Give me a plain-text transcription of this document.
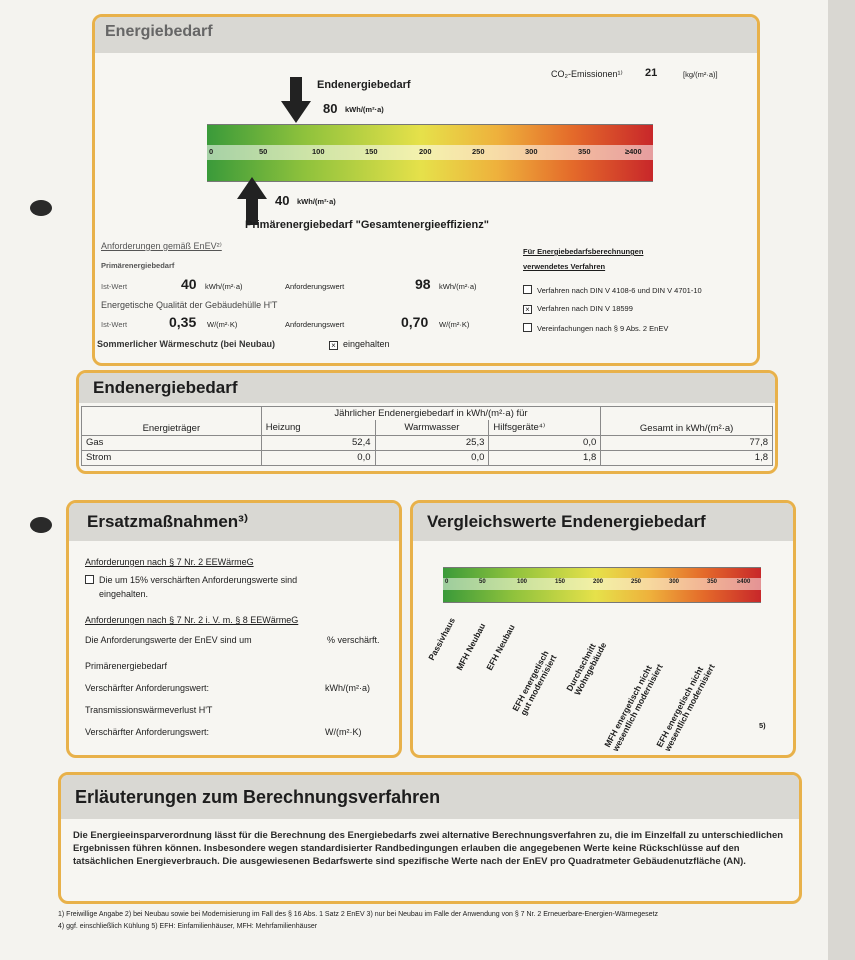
Energiebedarf
CO₂-Emissionen¹⁾ 21	[kg/(m²·a)]
Endenergiebedarf
80 kWh/(m²·a)
0	50	100	150	200	250	300	350	≥400
40 kWh/(m²·a)
Primärenergiebedarf "Gesamtenergieeffizienz"
Anforderungen gemäß EnEV²⁾
Primärenergiebedarf
Ist-Wert	40 kWh/(m²·a)	Anforderungswert	98 kWh/(m²·a)
Energetische Qualität der Gebäudehülle H'T
Ist-Wert	0,35 W/(m²·K)	Anforderungswert	0,70 W/(m²·K)
Sommerlicher Wärmeschutz (bei Neubau)	× eingehalten
Für Energiebedarfsberechnungen
verwendetes Verfahren
Verfahren nach DIN V 4108-6 und DIN V 4701-10
× Verfahren nach DIN V 18599
Vereinfachungen nach § 9 Abs. 2 EnEV
Endenergiebedarf
Energieträger	Jährlicher Endenergiebedarf in kWh/(m²·a) für			Gesamt in kWh/(m²·a)
	Heizung	Warmwasser	Hilfsgeräte⁴⁾	
Gas	52,4	25,3	0,0	77,8
Strom	0,0	0,0	1,8	1,8
Ersatzmaßnahmen³⁾
Anforderungen nach § 7 Nr. 2 EEWärmeG
Die um 15% verschärften Anforderungswerte sind
eingehalten.
Anforderungen nach § 7 Nr. 2 i. V. m. § 8 EEWärmeG
Die Anforderungswerte der EnEV sind um	% verschärft.
Primärenergiebedarf
Verschärfter Anforderungswert:	kWh/(m²·a)
Transmissionswärmeverlust H'T
Verschärfter Anforderungswert:	W/(m²·K)
Vergleichswerte Endenergiebedarf
0	50	100	150	200	250	300	350	≥400
Passivhaus
MFH Neubau
EFH Neubau
EFH energetisch
gut modernisiert Durchschnitt
Wohngebäude
MFH energetisch nicht
wesentlich modernisiert
EFH energetisch nicht
wesentlich modernisiert	5)
Erläuterungen zum Berechnungsverfahren
Die Energieeinsparverordnung lässt für die Berechnung des Energiebedarfs zwei alternative Berechnungsverfahren zu, die im Einzelfall zu unterschiedlichen Ergebnissen führen können. Insbesondere wegen standardisierter Randbedingungen erlauben die angegebenen Werte keine Rückschlüsse auf den tatsächlichen Energieverbrauch. Die ausgewiesenen Bedarfswerte sind spezifische Werte nach der EnEV pro Quadratmeter Gebäudenutzfläche (AN).
1) Freiwillige Angabe 2) bei Neubau sowie bei Modernisierung im Fall des § 16 Abs. 1 Satz 2 EnEV 3) nur bei Neubau im Falle der Anwendung von § 7 Nr. 2 Erneuerbare-Energien-Wärmegesetz
4) ggf. einschließlich Kühlung 5) EFH: Einfamilienhäuser, MFH: Mehrfamilienhäuser
